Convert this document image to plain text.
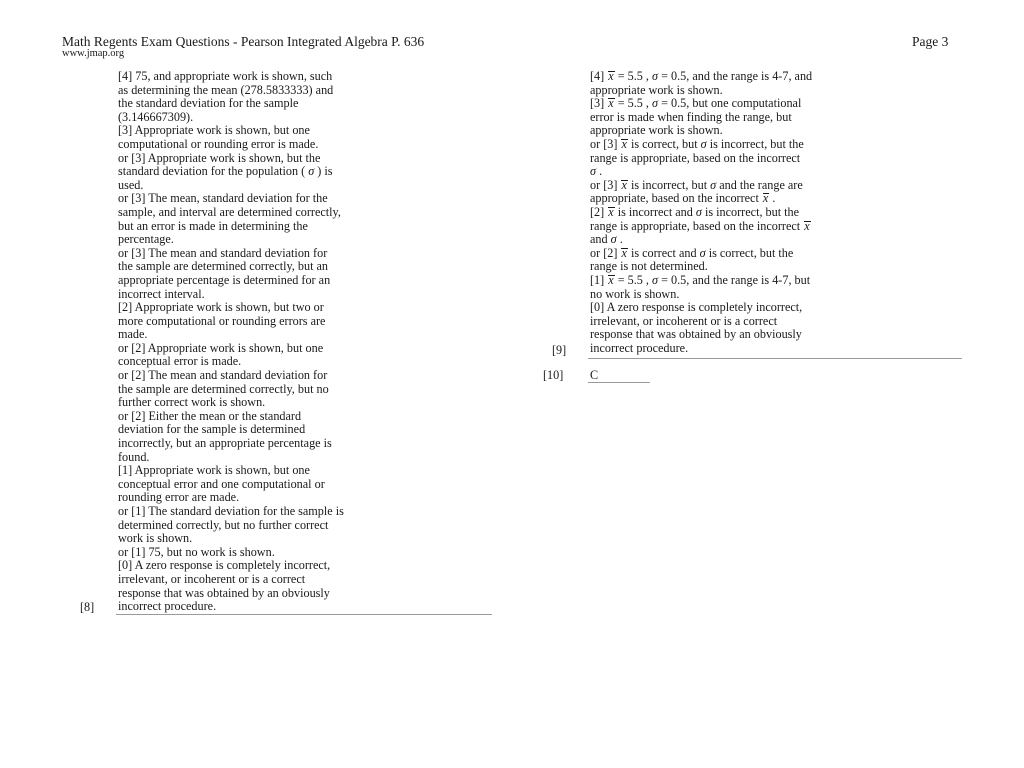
Math Regents Exam Questions - Pearson Integrated Algebra P. 636
www.jmap.org
Page 3
[4] 75, and appropriate work is shown, such
as determining the mean (278.5833333) and
the standard deviation for the sample
(3.146667309).
[3] Appropriate work is shown, but one
computational or rounding error is made.
or [3] Appropriate work is shown, but the
standard deviation for the population ( σ ) is
used.
or [3] The mean, standard deviation for the
sample, and interval are determined correctly,
but an error is made in determining the
percentage.
or [3] The mean and standard deviation for
the sample are determined correctly, but an
appropriate percentage is determined for an
incorrect interval.
[2] Appropriate work is shown, but two or
more computational or rounding errors are
made.
or [2] Appropriate work is shown, but one
conceptual error is made.
or [2] The mean and standard deviation for
the sample are determined correctly, but no
further correct work is shown.
or [2] Either the mean or the standard
deviation for the sample is determined
incorrectly, but an appropriate percentage is
found.
[1] Appropriate work is shown, but one
conceptual error and one computational or
rounding error are made.
or [1] The standard deviation for the sample is
determined correctly, but no further correct
work is shown.
or [1] 75, but no work is shown.
[0] A zero response is completely incorrect,
irrelevant, or incoherent or is a correct
response that was obtained by an obviously
incorrect procedure.
[8]
[4] x = 5.5 , σ = 0.5, and the range is 4-7, and
appropriate work is shown.
[3] x = 5.5 , σ = 0.5, but one computational
error is made when finding the range, but
appropriate work is shown.
or [3] x is correct, but σ is incorrect, but the
range is appropriate, based on the incorrect
σ .
or [3] x is incorrect, but σ and the range are
appropriate, based on the incorrect x .
[2] x is incorrect and σ is incorrect, but the
range is appropriate, based on the incorrect x
and σ .
or [2] x is correct and σ is correct, but the
range is not determined.
[1] x = 5.5 , σ = 0.5, and the range is 4-7, but
no work is shown.
[0] A zero response is completely incorrect,
irrelevant, or incoherent or is a correct
response that was obtained by an obviously
incorrect procedure.
[9]
[10] C
